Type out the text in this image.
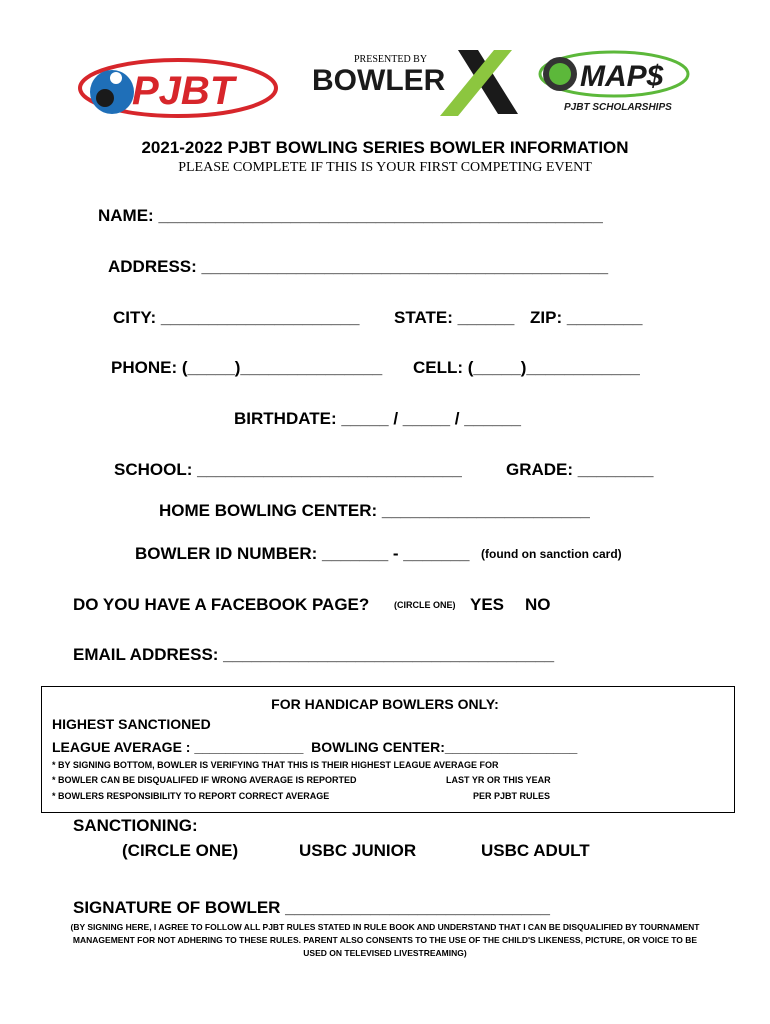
PJBT
PRESENTED BY
BOWLER
X
MAP$
PJBT SCHOLARSHIPS
2021-2022 PJBT BOWLING SERIES BOWLER INFORMATION
PLEASE COMPLETE IF THIS IS YOUR FIRST COMPETING EVENT
NAME: _______________________________________________
ADDRESS: ___________________________________________
CITY: _____________________ STATE: ______ ZIP: ________
PHONE: (_____)_______________ CELL: (_____)____________
BIRTHDATE: _____ / _____ / ______
SCHOOL: ____________________________	GRADE: ________
HOME BOWLING CENTER: ______________________
BOWLER ID NUMBER: _______ - _______ (found on sanction card)
DO YOU HAVE A FACEBOOK PAGE?	(CIRCLE ONE) YES NO
EMAIL ADDRESS: ___________________________________
FOR HANDICAP BOWLERS ONLY:
HIGHEST SANCTIONED
LEAGUE AVERAGE : ______________  BOWLING CENTER:_________________
* BY SIGNING BOTTOM, BOWLER IS VERIFYING THAT THIS IS THEIR HIGHEST LEAGUE AVERAGE FOR
* BOWLER CAN BE DISQUALIFED IF WRONG AVERAGE IS REPORTED	LAST YR OR THIS YEAR
* BOWLERS RESPONSIBILITY TO REPORT CORRECT AVERAGE	PER PJBT RULES
SANCTIONING:
(CIRCLE ONE)	USBC JUNIOR	USBC ADULT
SIGNATURE OF BOWLER ____________________________
(BY SIGNING HERE, I AGREE TO FOLLOW ALL PJBT RULES STATED IN RULE BOOK AND UNDERSTAND THAT I CAN BE DISQUALIFIED BY TOURNAMENT
MANAGEMENT FOR NOT ADHERING TO THESE RULES. PARENT ALSO CONSENTS TO THE USE OF THE CHILD'S LIKENESS, PICTURE, OR VOICE TO BE
USED ON TELEVISED LIVESTREAMING)
